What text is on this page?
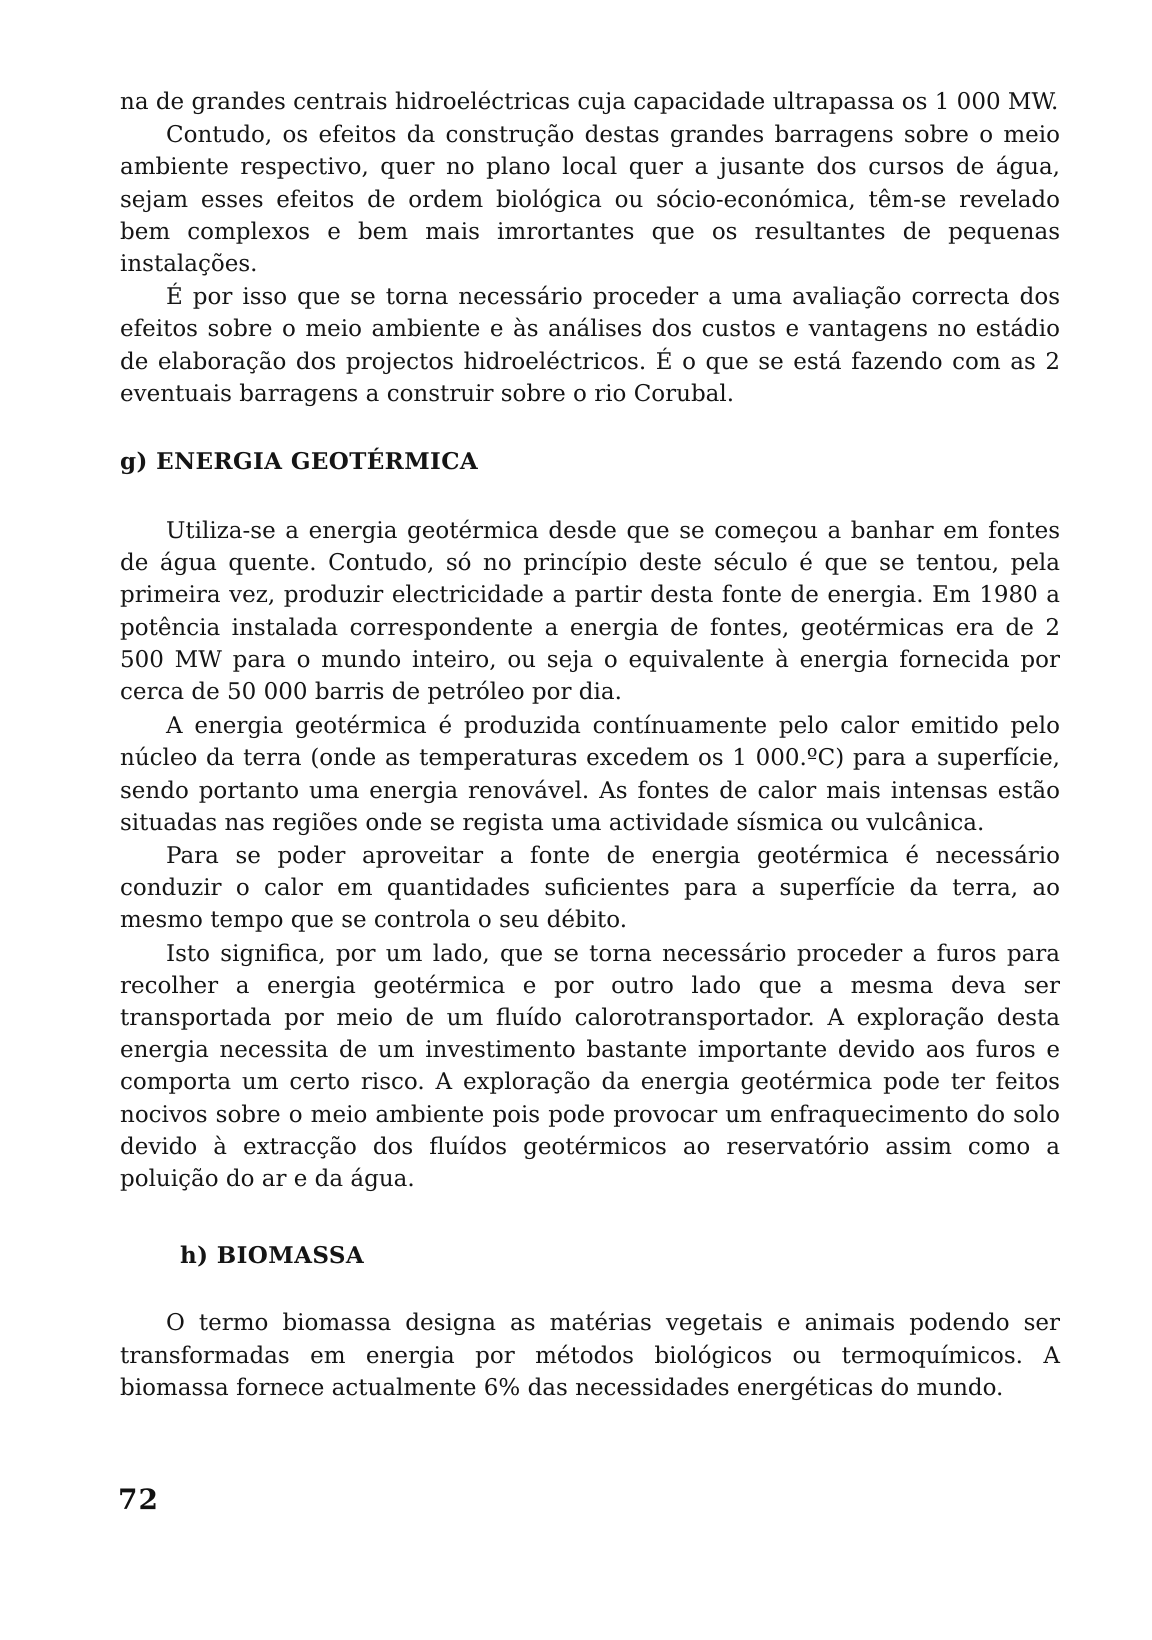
na de grandes centrais hidroeléctricas cuja capacidade ultrapassa os 1 000 MW.

Contudo, os efeitos da construção destas grandes barragens sobre o meio ambiente respectivo, quer no plano local quer a jusante dos cursos de água, sejam esses efeitos de ordem biológica ou sócio-económica, têm-se revelado bem complexos e bem mais imrortantes que os resultantes de pequenas instalações.

É por isso que se torna necessário proceder a uma avaliação correcta dos efeitos sobre o meio ambiente e às análises dos custos e vantagens no estádio de elaboração dos projectos hidroeléctricos. É o que se está fazendo com as 2 eventuais barragens a construir sobre o rio Corubal.

g) ENERGIA GEOTÉRMICA

Utiliza-se a energia geotérmica desde que se começou a banhar em fontes de água quente. Contudo, só no princípio deste século é que se tentou, pela primeira vez, produzir electricidade a partir desta fonte de energia. Em 1980 a potência instalada correspondente a energia de fontes, geotérmicas era de 2 500 MW para o mundo inteiro, ou seja o equivalente à energia fornecida por cerca de 50 000 barris de petróleo por dia.

A energia geotérmica é produzida contínuamente pelo calor emitido pelo núcleo da terra (onde as temperaturas excedem os 1 000.ºC) para a superfície, sendo portanto uma energia renovável. As fontes de calor mais intensas estão situadas nas regiões onde se regista uma actividade sísmica ou vulcânica.

Para se poder aproveitar a fonte de energia geotérmica é necessário conduzir o calor em quantidades suficientes para a superfície da terra, ao mesmo tempo que se controla o seu débito.

Isto significa, por um lado, que se torna necessário proceder a furos para recolher a energia geotérmica e por outro lado que a mesma deva ser transportada por meio de um fluído calorotransportador. A exploração desta energia necessita de um investimento bastante importante devido aos furos e comporta um certo risco. A exploração da energia geotérmica pode ter feitos nocivos sobre o meio ambiente pois pode provocar um enfraquecimento do solo devido à extracção dos fluídos geotérmicos ao reservatório assim como a poluição do ar e da água.

h) BIOMASSA

O termo biomassa designa as matérias vegetais e animais podendo ser transformadas em energia por métodos biológicos ou termoquímicos. A biomassa fornece actualmente 6% das necessidades energéticas do mundo.

72
